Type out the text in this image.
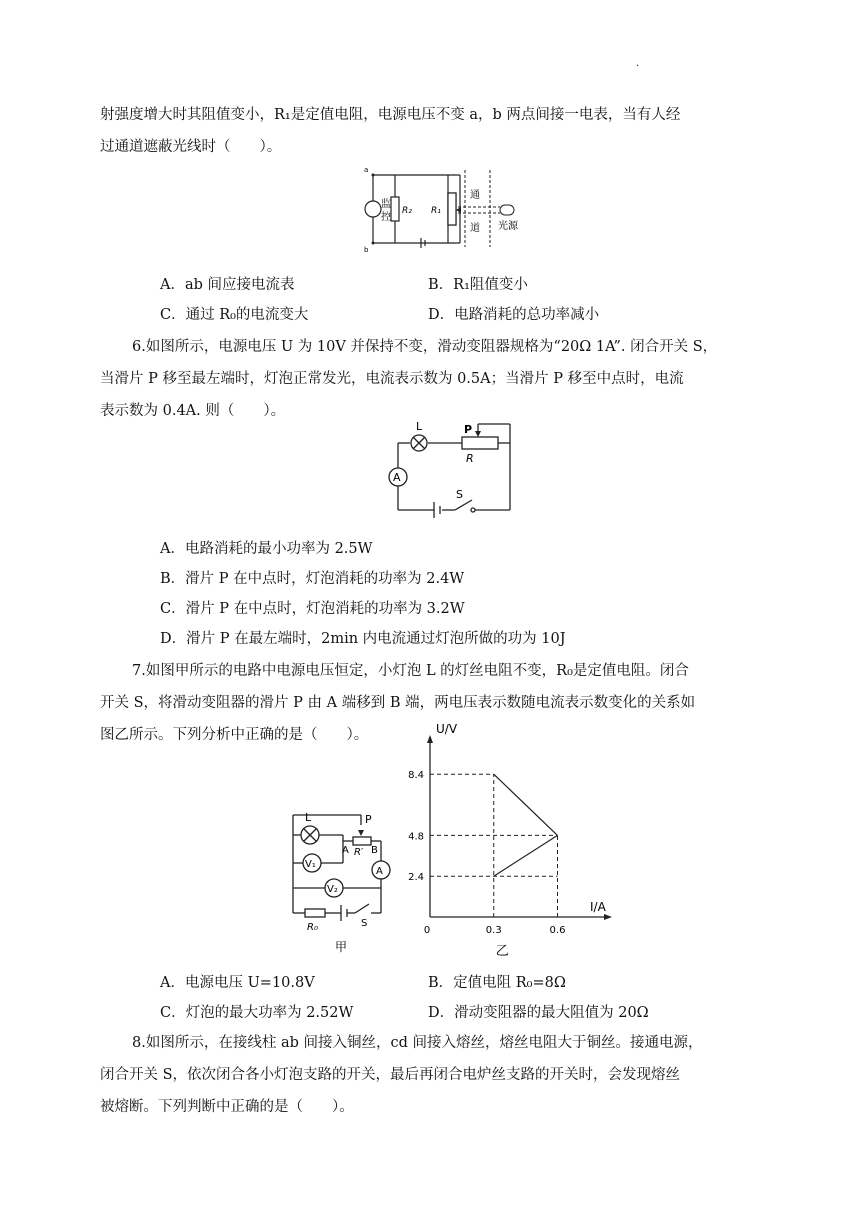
.
射强度增大时其阻值变小，R₁是定值电阻，电源电压不变 a，b 两点间接一电表，当有人经
过通道遮蔽光线时（　　）。
a
b
监
控
R₂ R₁
通
道 光源
A．ab 间应接电流表	B．R₁阻值变小
C．通过 R₀的电流变大	D．电路消耗的总功率减小
6.如图所示，电源电压 U 为 10V 并保持不变，滑动变阻器规格为“20Ω 1A”. 闭合开关 S，
当滑片 P 移至最左端时，灯泡正常发光，电流表示数为 0.5A；当滑片 P 移至中点时，电流
表示数为 0.4A. 则（　　）。
L	P
R
A
S
A．电路消耗的最小功率为 2.5W
B．滑片 P 在中点时，灯泡消耗的功率为 2.4W
C．滑片 P 在中点时，灯泡消耗的功率为 3.2W
D．滑片 P 在最左端时，2min 内电流通过灯泡所做的功为 10J
7.如图甲所示的电路中电源电压恒定，小灯泡 L 的灯丝电阻不变，R₀是定值电阻。闭合
开关 S，将滑动变阻器的滑片 P 由 A 端移到 B 端，两电压表示数随电流表示数变化的关系如
图乙所示。下列分析中正确的是（　　）。
L	P
A R′ B
V₁
V₂
A
R₀	S
甲
2.4
4.8
8.4
0.3	0.6
0
U/V
I/A
乙
A．电源电压 U=10.8V	B．定值电阻 R₀=8Ω
C．灯泡的最大功率为 2.52W	D．滑动变阻器的最大阻值为 20Ω
8.如图所示，在接线柱 ab 间接入铜丝，cd 间接入熔丝，熔丝电阻大于铜丝。接通电源，
闭合开关 S，依次闭合各小灯泡支路的开关，最后再闭合电炉丝支路的开关时，会发现熔丝
被熔断。下列判断中正确的是（　　）。
